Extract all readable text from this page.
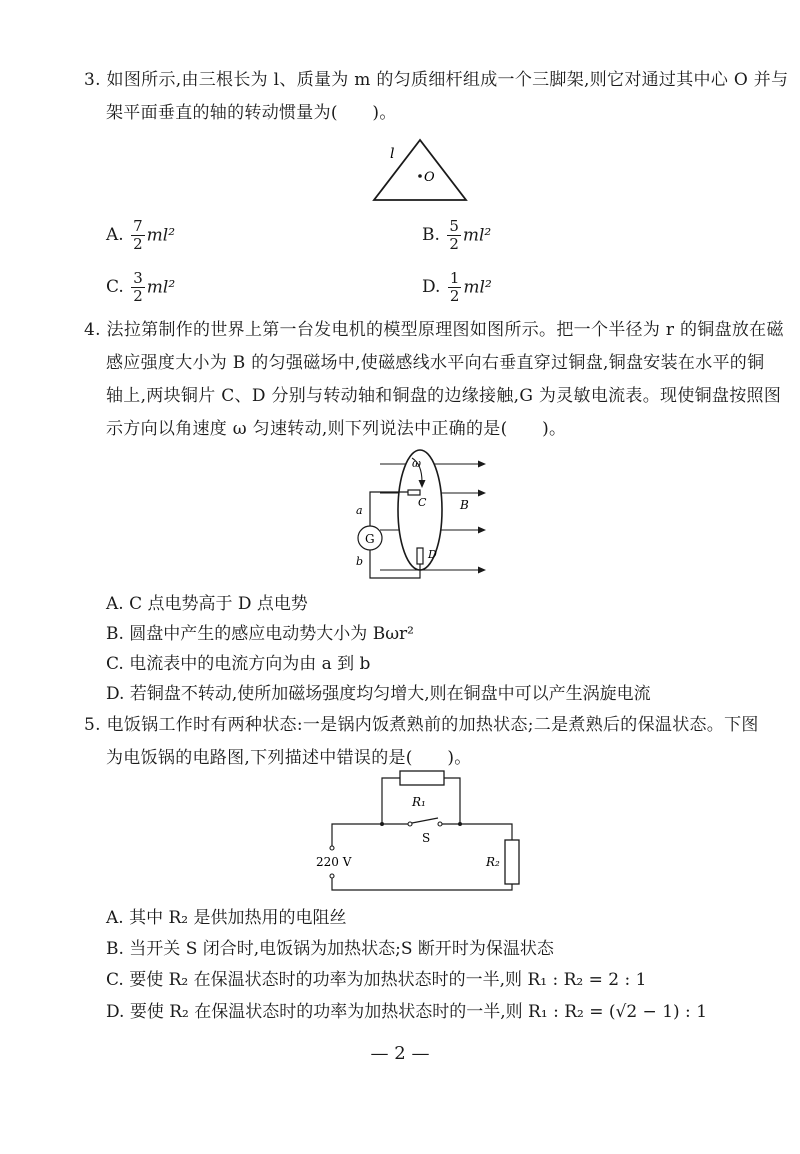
3. 如图所示,由三根长为 l、质量为 m 的匀质细杆组成一个三脚架,则它对通过其中心 O 并与
架平面垂直的轴的转动惯量为(　　)。
l
O
A. $\frac{7}{2} ml^2$	B. $\frac{5}{2} ml^2$
C. $\frac{3}{2} ml^2$	D. $\frac{1}{2} ml^2$
4. 法拉第制作的世界上第一台发电机的模型原理图如图所示。把一个半径为 r 的铜盘放在磁
感应强度大小为 B 的匀强磁场中,使磁感线水平向右垂直穿过铜盘,铜盘安装在水平的铜
轴上,两块铜片 C、D 分别与转动轴和铜盘的边缘接触,G 为灵敏电流表。现使铜盘按照图
示方向以角速度 ω 匀速转动,则下列说法中正确的是(　　)。
ω
C	B
D
G
a
b
A. C 点电势高于 D 点电势
B. 圆盘中产生的感应电动势大小为 Bωr²
C. 电流表中的电流方向为由 a 到 b
D. 若铜盘不转动,使所加磁场强度均匀增大,则在铜盘中可以产生涡旋电流
5. 电饭锅工作时有两种状态:一是锅内饭煮熟前的加热状态;二是煮熟后的保温状态。下图
为电饭锅的电路图,下列描述中错误的是(　　)。
R₁
S
R₂
220 V
A. 其中 R₂ 是供加热用的电阻丝
B. 当开关 S 闭合时,电饭锅为加热状态;S 断开时为保温状态
C. 要使 R₂ 在保温状态时的功率为加热状态时的一半,则 R₁ : R₂ = 2 : 1
D. 要使 R₂ 在保温状态时的功率为加热状态时的一半,则 R₁ : R₂ = (√2 − 1) : 1
— 2 —
